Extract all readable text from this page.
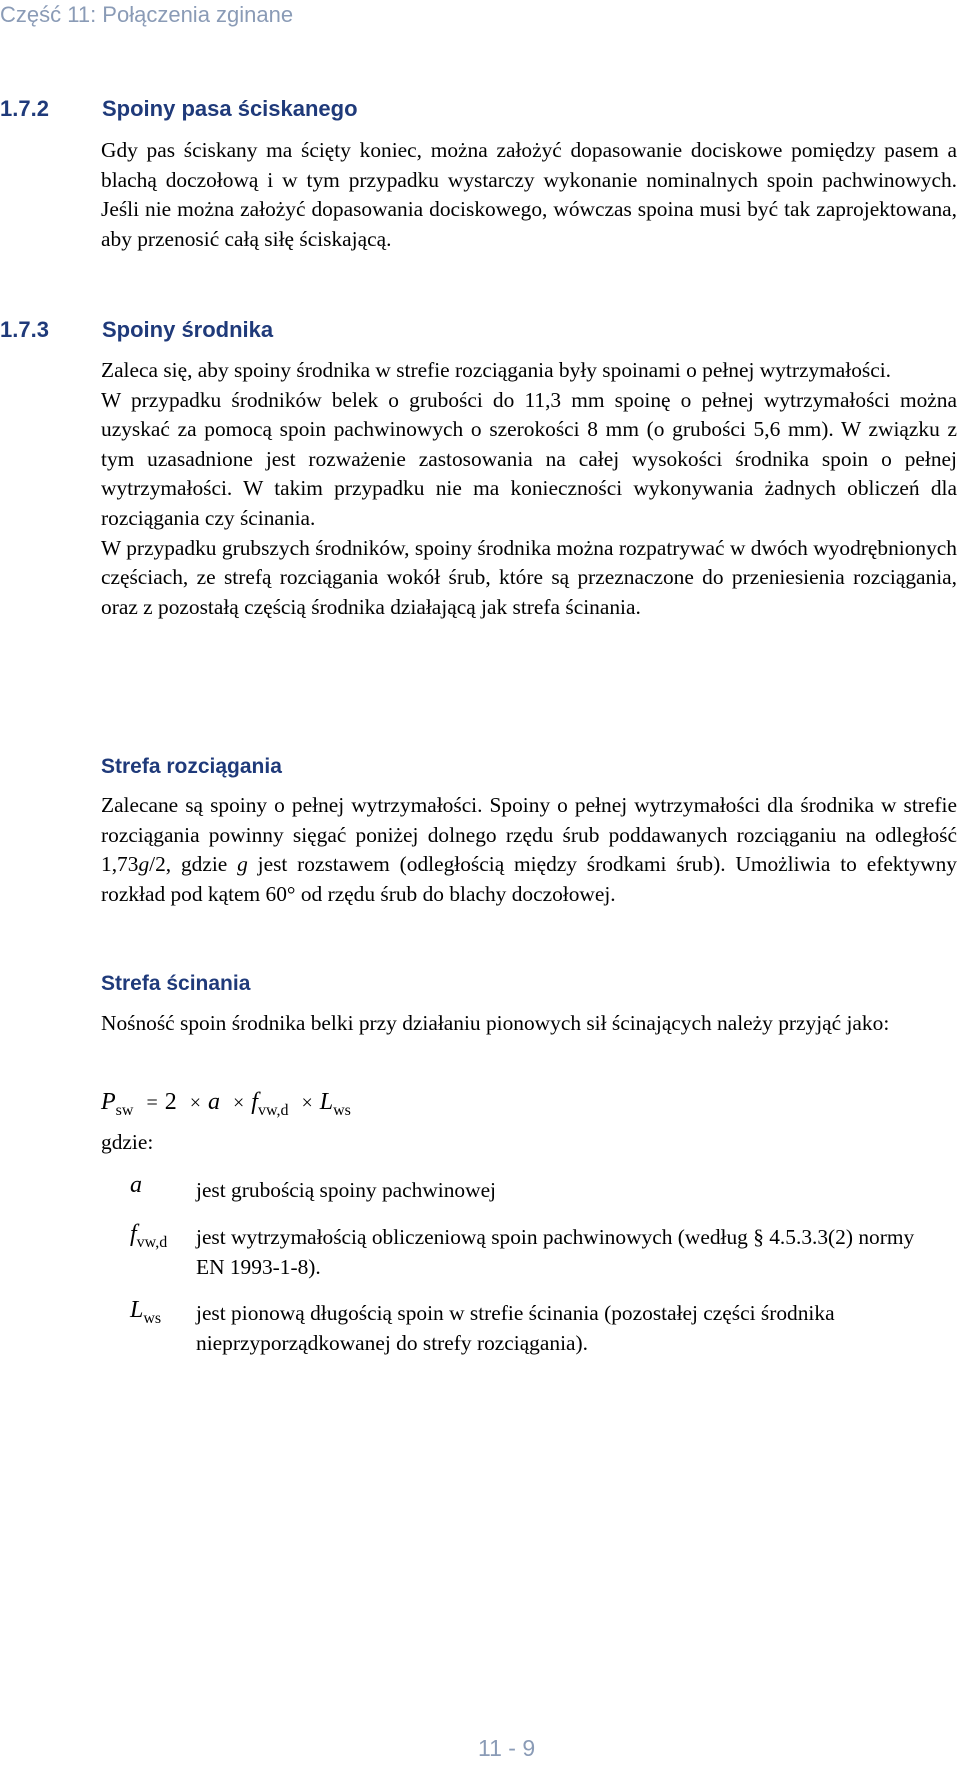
Część 11: Połączenia zginane
1.7.2 Spoiny pasa ściskanego

Gdy pas ściskany ma ścięty koniec, można założyć dopasowanie dociskowe pomiędzy pasem a blachą doczołową i w tym przypadku wystarczy wykonanie nominalnych spoin pachwinowych. Jeśli nie można założyć dopasowania dociskowego, wówczas spoina musi być tak zaprojektowana, aby przenosić całą siłę ściskającą.

1.7.3 Spoiny środnika

Zaleca się, aby spoiny środnika w strefie rozciągania były spoinami o pełnej wytrzymałości.

W przypadku środników belek o grubości do 11,3 mm spoinę o pełnej wytrzymałości można uzyskać za pomocą spoin pachwinowych o szerokości 8 mm (o grubości 5,6 mm). W związku z tym uzasadnione jest rozważenie zastosowania na całej wysokości środnika spoin o pełnej wytrzymałości. W takim przypadku nie ma konieczności wykonywania żadnych obliczeń dla rozciągania czy ścinania.

W przypadku grubszych środników, spoiny środnika można rozpatrywać w dwóch wyodrębnionych częściach, ze strefą rozciągania wokół śrub, które są przeznaczone do przeniesienia rozciągania, oraz z pozostałą częścią środnika działającą jak strefa ścinania.

Strefa rozciągania

Zalecane są spoiny o pełnej wytrzymałości. Spoiny o pełnej wytrzymałości dla środnika w strefie rozciągania powinny sięgać poniżej dolnego rzędu śrub poddawanych rozciąganiu na odległość 1,73g/2, gdzie g jest rozstawem (odległością między środkami śrub). Umożliwia to efektywny rozkład pod kątem 60° od rzędu śrub do blachy doczołowej.

Strefa ścinania

Nośność spoin środnika belki przy działaniu pionowych sił ścinających należy przyjąć jako:

$P_{sw} = 2 \times a \times f_{vw,d} \times L_{ws}$
gdzie:
a	jest grubością spoiny pachwinowej

$f_{vw,d}$ jest wytrzymałością obliczeniową spoin pachwinowych (według § 4.5.3.3(2) normy EN 1993-1-8).

$L_{ws}$ jest pionową długością spoin w strefie ścinania (pozostałej części środnika nieprzyporządkowanej do strefy rozciągania).

11 - 9
